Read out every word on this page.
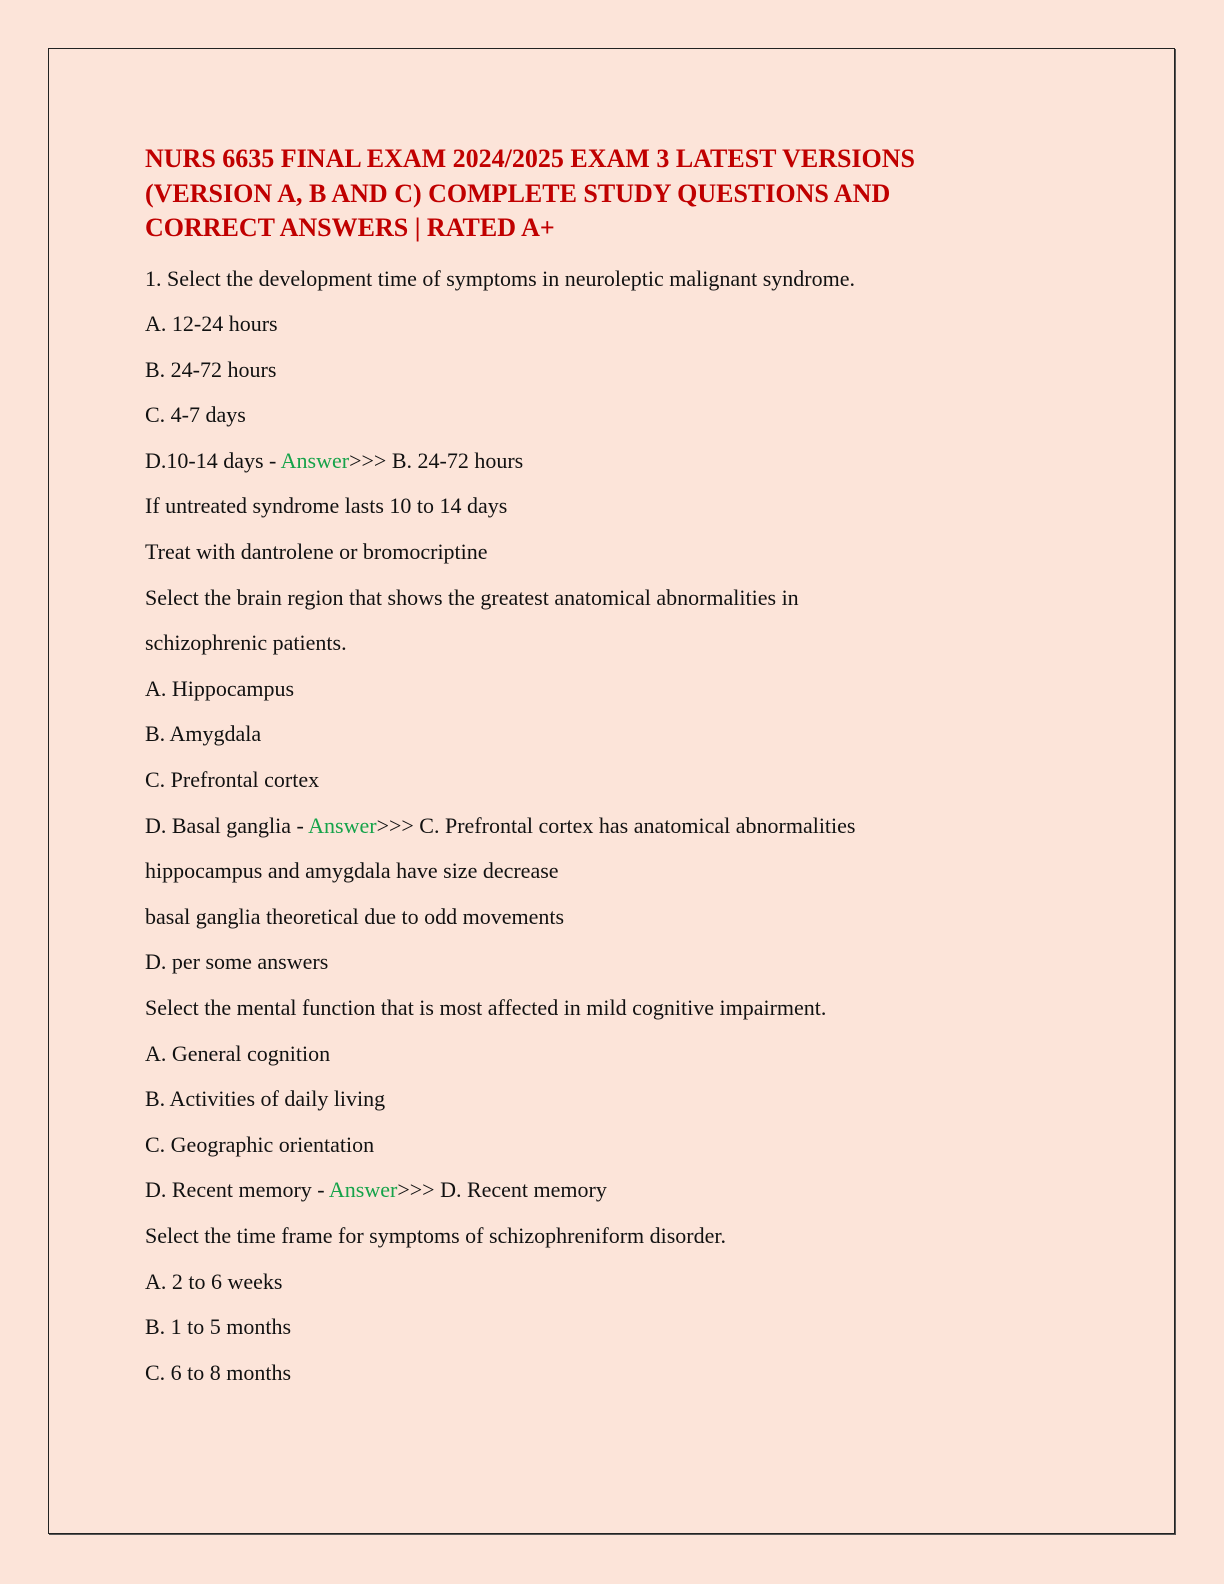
NURS 6635 FINAL EXAM 2024/2025 EXAM 3 LATEST VERSIONS (VERSION A, B AND C) COMPLETE STUDY QUESTIONS AND CORRECT ANSWERS | RATED A+
1. Select the development time of symptoms in neuroleptic malignant syndrome.
A. 12-24 hours
B. 24-72 hours
C. 4-7 days
D.10-14 days - Answer>>> B. 24-72 hours
If untreated syndrome lasts 10 to 14 days
Treat with dantrolene or bromocriptine
Select the brain region that shows the greatest anatomical abnormalities in
schizophrenic patients.
A. Hippocampus
B. Amygdala
C. Prefrontal cortex
D. Basal ganglia - Answer>>> C. Prefrontal cortex has anatomical abnormalities
hippocampus and amygdala have size decrease
basal ganglia theoretical due to odd movements
D. per some answers
Select the mental function that is most affected in mild cognitive impairment.
A. General cognition
B. Activities of daily living
C. Geographic orientation
D. Recent memory - Answer>>> D. Recent memory
Select the time frame for symptoms of schizophreniform disorder.
A. 2 to 6 weeks
B. 1 to 5 months
C. 6 to 8 months
